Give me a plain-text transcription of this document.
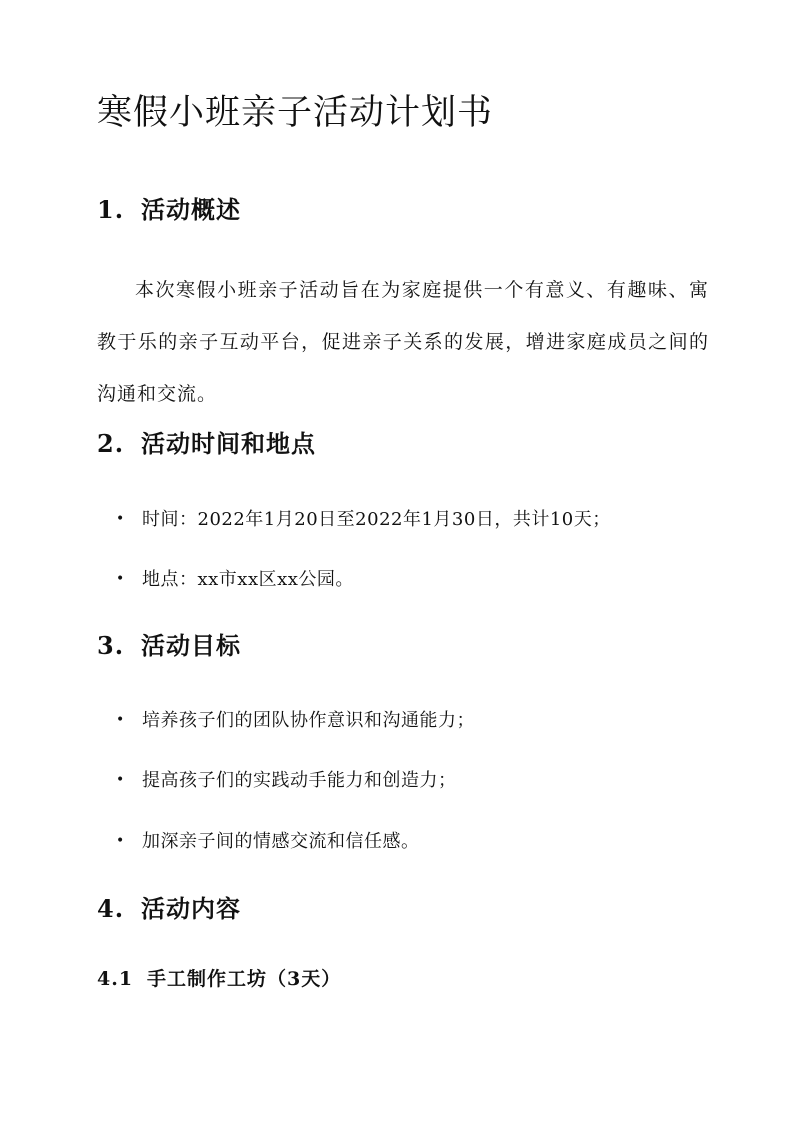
寒假小班亲子活动计划书
1. 活动概述

本次寒假小班亲子活动旨在为家庭提供一个有意义、有趣味、寓教于乐的亲子互动平台，促进亲子关系的发展，增进家庭成员之间的沟通和交流。

2. 活动时间和地点
• 时间：2022年1月20日至2022年1月30日，共计10天；
• 地点：xx市xx区xx公园。
3. 活动目标
• 培养孩子们的团队协作意识和沟通能力；
• 提高孩子们的实践动手能力和创造力；
• 加深亲子间的情感交流和信任感。
4. 活动内容
4.1 手工制作工坊（3天）
